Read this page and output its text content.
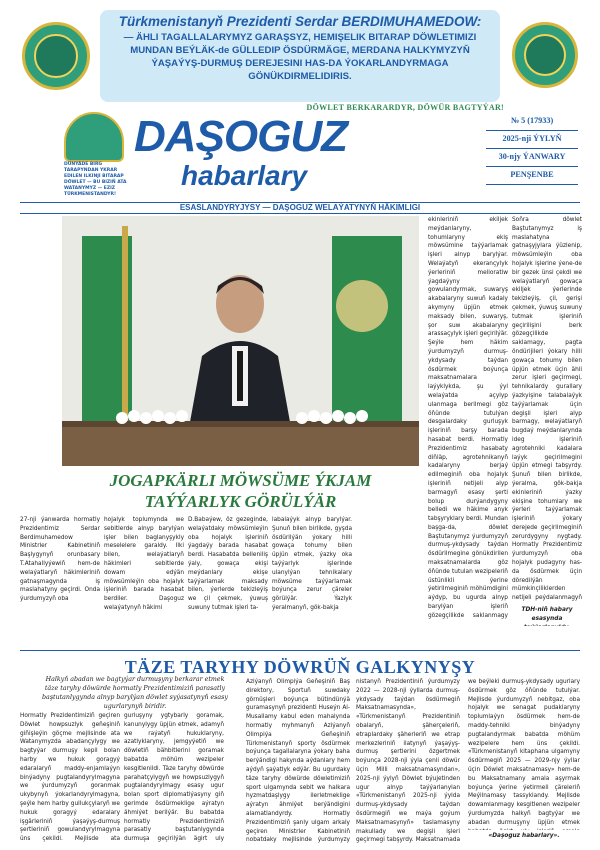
Türkmenistanyň Prezidenti Serdar BERDIMUHAMEDOW:
— ÄHLI TAGALLALARYMYZ GARAŞSYZ, HEMIŞELIK BITARAP DÖWLETIMIZI
MUNDAN BEÝLÄK-de GÜLLEDIP ÖSDÜRMÄGE, MERDANA HALKYMYZYŇ
ÝAŞAÝYŞ-DURMUŞ DEREJESINI HAS-DA ÝOKARLANDYRMAGA GÖNÜKDIRMELIDIRIS.
DÖWLET BERKARARDYR, DÖWÜR BAGTYÝAR!
DAŞOGUZ
habarlary
DÜNÝÄDE BIRG TARAPYNDAN YKRAR EDILEN ILKINJI BITARAP DÖWLET — BU BIZIŇ ATA WATANYMYZ — EZIZ TÜRKMENISTANDYR!
№ 5 (17933)
2025-nji ÝYLYŇ
30-njy ÝANWARY
PENŞENBE
ESASLANDYRYJYSY — DAŞOGUZ WELAÝATYNYŇ HÄKIMLIGI
JOGAPKÄRLI MÖWSÜME ÝKJAM
TAÝÝARLYK GÖRÜLÝÄR
27-nji ýanwarda hormatly Prezidentimiz Serdar Berdimuhamedow Ministrler Kabinetiniň Başlygynyň orunbasary T.Atahallyýewiň hem-de welaýatlaryň häkimleriniň gatnaşmagynda iş maslahatyny geçirdi. Onda ýurdumyzyň oba
hojalyk toplumynda we sebitlerde alnyp barylýan işler bilen baglanyşykly meselelere garaldy. Ilki bilen, welaýatlaryň häkimleri sebitlerde dowam edýän möwsümleýin oba hojalyk işleriniň barada hasabat berdiler. Daşoguz welaýatynyň häkimi
D.Babaýew, öz gezeginde, welaýatdaky möwsümleýin oba hojalyk işleriniň ýagdaýy barada hasabat berdi. Hasabatda belleniliş ýaly, gowaça ekişi meýdanlary ekişe taýýarlamak maksady bilen, ýerlerde tekizleýiş we çil çekmek, ýuwuş suwuny tutmak işleri ta-
labalaýyk alnyp barylýar. Şunuň bilen birlikde, gyşda ösdürilýän ýokary hilli gowaça tohumy bilen üpjün etmek, ýazky oka taýýarlyk işlerinde ulanylýan tehnikalary möwsüme taýýarlamak boýunça zerur çäreler görülýär. Ýazlyk ýeralmanyň, gök-bakja
ekinleriniň ekiljek meýdanlaryny, tohumlaryny ekiş möwsümine taýýarlamak işleri alnyp barylýar. Welaýatyň ekerançylyk ýerleriniň melioratiw ýagdaýyny gowulandyrmak, suwaryş akabalaryny suwuň kadaly akymyny üpjün etmek maksady bilen, suwaryş, şor suw akabalaryny arassaçylyk işleri geçirilýär. Şeýle hem häkim ýurdumyzyň durmuş-ykdysady taýdan ösdürmek boýunça maksatnamalara laýyklykda, şu ýyl welaýatda açylyp ulanmaga berilmegi göz öňünde tutulýan desgalardaky gurluşyk işleriniň barşy barada hasabat berdi. Hormatly Prezidentimiz hasabaty diňläp, agrotehnikanyň kadalaryny berjaý edilmeginiň oba hojalyk işleriniň netijeli alyp barmagyň esasy şerti bolup durýandygyny belledi we häkime anyk tabşyryklary berdi. Mundan başga-da, döwlet Baştutanymyz ýurdumyzyň durmuş-ykdysady taýdan ösdürilmegine gönükdirilen maksatnamalarda göz öňünde tutulan wezipeleriň üstünlikli ýerine ýetirilmeginiň möhümdigini aýdyp, bu ugurda alnyp barylýan işleriň gözegçilikde saklanmagy
Soňra döwlet Baştutanymyz iş maslahatyna gatnaşyjylara ýüzlenip, möwsümleýin oba hojalyk işlerine ýene-de bir gezek ünsi çekdi we welaýatlaryň gowaça ekiljek ýerlerinde tekizleýiş, çil, gerişi çekmek, ýuwuş suwuny tutmak işleriniň geçirilişini berk gözegçilikde saklamagy, pagta öndürijileri ýokary hilli gowaça tohumy bilen üpjün etmek üçin ähli zerur işleri geçirmegi, tehnikalardy gurallary ýazkyişine talabalaýyk taýýarlamak üçin degişli işleri alyp barmagy, welaýatlaryň bugdaý meýdanlaryndа ideg işleriniň agrotehniki kadalara laýyk geçirilmegini üpjün etmegi tabşyrdy. Şunuň bilen birlikde, ýeralma, gök-bakja ekinleriniň ýazky ekişine tohumlary we ýerleri taýýarlamak işleriniň ýokary derejede geçirilmeginiň zerurdygyny nygtady. Hormatly Prezidentimiz ýurdumyzyň oba hojalyk pudagyny has-da ösdürmek üçin döredilýän mümkinçiliklerden netijeli peýdalanmagyň
TDH-niň habary esasynda
TÄZE TARYHY DÖWRÜŇ GALKYNYŞY
Halkyň abadan we bagtyýar durmuşyny berkarar etmek täze taryhy döwürde hormatly Prezidentimiziň parasatly baştutanlygynda alnyp barylýan döwlet syýasatynyň esasy ugurlarynyň biridir.
Hormatly Prezidentimiziň geçiren Döwlet howpsuzlyk geňeşiniň giňişleýin göçme mejlisinde ata Watanymyzda abadançylygy we bagtyýar durmuşy kepil bolan harby we hukuk goragyý edaralaryň maddy-enjamlaýyn binýadyny pugtalandyrylmagyna we ýurdumyzyň goranmak ukybynyň ýokarlandyrylmagyna, şeýle hem harby gullukçylaryň we hukuk goragyý edaralary işgärleriniň ýaşaýyş-durmuş şertleriniň gowulandyrylmagyna üns çekildi. Mejlisde ata
gurluşyny ygtybarly goramak, kanunylygy üpjün etmek, adamyň we raýatyň hukuklaryny, azatlyklaryny, jemgyýetiň we döwletiň bähbitlerini goramak babatda möhüm wezipeler kesgitlenildi. Täze taryhy döwürde parahatçylygyň we howpsuzlygyň pugtalandyrylmagy esasy ugur bolan sport diplomatiýasyny giň gerimde ösdürmeklige aýratyn ähmiýet berilýär. Bu babatda hormatly Prezidentimiziň parasatly baştutanlygynda durmuşa geçirilýän ägirt uly
Aziýanyň Olimpiýa Geňeşiniň Baş direktory, Sportuň suwdaky görnüşleri boýunça bütindünýä guramasynyň prezidenti Huseýn Al-Musallamy kabul eden mahalynda hormatly myhmanyň Aziýanyň Olimpiýa Geňeşiniň Türkmenistanyň sporty ösdürmek boýunça tagallalaryna ýokary baha berýändigi hakynda aýdanlary hem aýdyň şaýatlyk edýär. Bu ugurdaky täze taryhy döwürde döwletimiziň sport ulgamynda sebit we halkara hyzmatdaşlygy ilerletmeklige aýratyn ähmiýet berýändigini alamatlandyrdy. Hormatly Prezidentimiziň şanly ulgam arkaly geçiren Ministrler Kabinetiniň nobatdaky mejlisinde ýurdumyzy
nistanyň Prezidentiniň ýurdumyzy 2022 — 2028-nji ýyllarda durmuş-ykdysady taýdan ösdürmegiň Maksatnamasynda», «Türkmenistanyň Prezidentiniň obalaryň, şäherçeleriň, etraplardaky şäherleriň we etrap merkezleriniň ilatynyň ýaşaýyş-durmuş şertlerini özgertmek boýunça 2028-nji ýyla çenli döwür üçin Milli maksatnamasyndan», 2025-nji ýylyň Döwlet býujetinden ugur alnyp taýýarlanylan «Türkmenistanyň 2025-nji ýylda durmuş-ykdysady taýdan ösdürmegiň we maýa goýum Maksatnamasynyň» taslamasyny makullady we degişli işleri geçirmegi tabşyrdy. Maksatnamada
we beýleki durmuş-ykdysady ugurlary ösdürmek göz öňünde tutulýar. Mejlisde ýurdumyzyň nebitgaz, oba hojalyk we senagat pudaklaryny toplumlaýyn ösdürmek hem-de maddy-tehniki binýadyny pugtalandyrmak babatda möhüm wezipelere hem üns çekildi. «Türkmenistanyň kitaphana ulgamyny ösdürmegiň 2025 — 2029-njy ýyllar üçin Döwlet maksatnamasy» hem-de bu Maksatnamany amala aşyrmak boýunça ýerine ýetirmeli çäreleriň Meýilnamasy tassyklandy. Mejlisde dowamlanmagy kesgitlenen wezipeler ýurdumyzda halkyň bagtyýar we abadan durmuşyny üpjün etmek
«Daşoguz habarlary».
